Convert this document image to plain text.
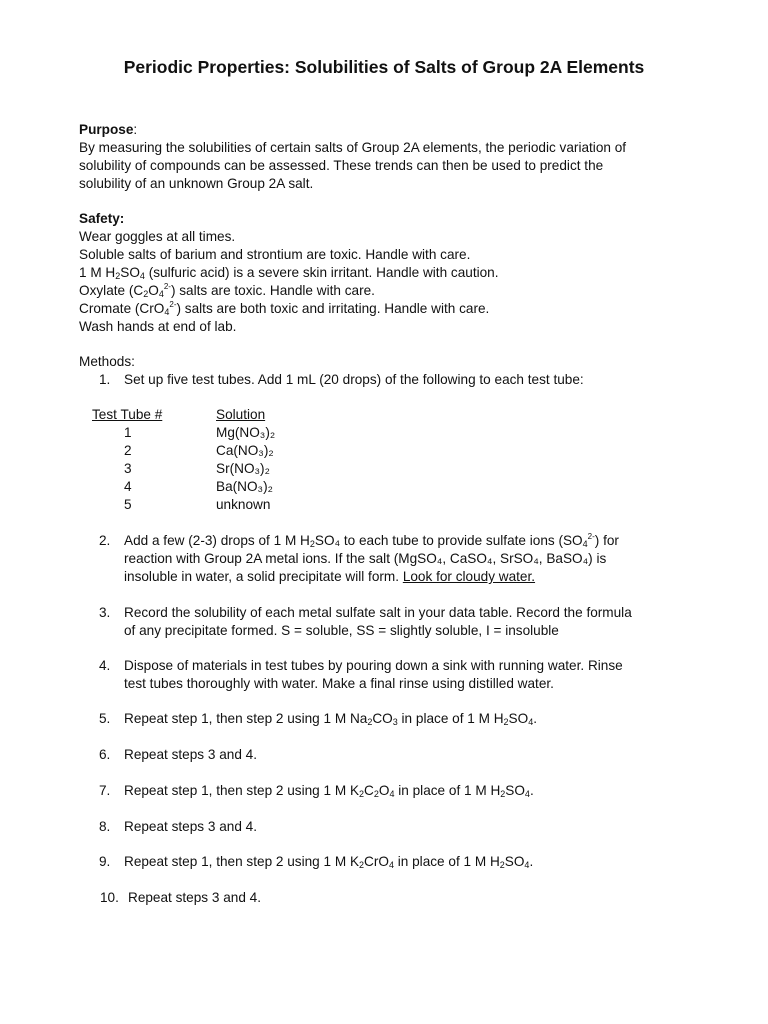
Periodic Properties: Solubilities of Salts of Group 2A Elements
Purpose:
By measuring the solubilities of certain salts of Group 2A elements, the periodic variation of
solubility of compounds can be assessed. These trends can then be used to predict the
solubility of an unknown Group 2A salt.
Safety:
Wear goggles at all times.
Soluble salts of barium and strontium are toxic. Handle with care.
1 M $H_2SO_4$ (sulfuric acid) is a severe skin irritant. Handle with caution.
Oxylate $(C_2O_4^{2-})$ salts are toxic. Handle with care.
Cromate (CrO$_4^{2-}$) salts are both toxic and irritating. Handle with care.
Wash hands at end of lab.
Methods:
1. Set up five test tubes. Add 1 mL (20 drops) of the following to each test tube:
Test Tube #	Solution
1	Mg(NO₃)₂
2	Ca(NO₃)₂
3	Sr(NO₃)₂
4	Ba(NO₃)₂
5	unknown
2. Add a few (2-3) drops of 1 M $H_2SO_4$ to each tube to provide sulfate ions $(SO_4^{2-})$ for
reaction with Group 2A metal ions. If the salt (MgSO₄, CaSO₄, SrSO₄, BaSO₄) is
insoluble in water, a solid precipitate will form. Look for cloudy water.
3. Record the solubility of each metal sulfate salt in your data table. Record the formula
of any precipitate formed. S = soluble, SS = slightly soluble, I = insoluble
4. Dispose of materials in test tubes by pouring down a sink with running water. Rinse
test tubes thoroughly with water. Make a final rinse using distilled water.
5. Repeat step 1, then step 2 using 1 M $Na_2CO_3$ in place of 1 M $H_2SO_4$.
6. Repeat steps 3 and 4.
7. Repeat step 1, then step 2 using 1 M $K_2C_2O_4$ in place of 1 M $H_2SO_4$.
8. Repeat steps 3 and 4.
9. Repeat step 1, then step 2 using 1 M $K_2CrO_4$ in place of 1 M $H_2SO_4$.
10. Repeat steps 3 and 4.
